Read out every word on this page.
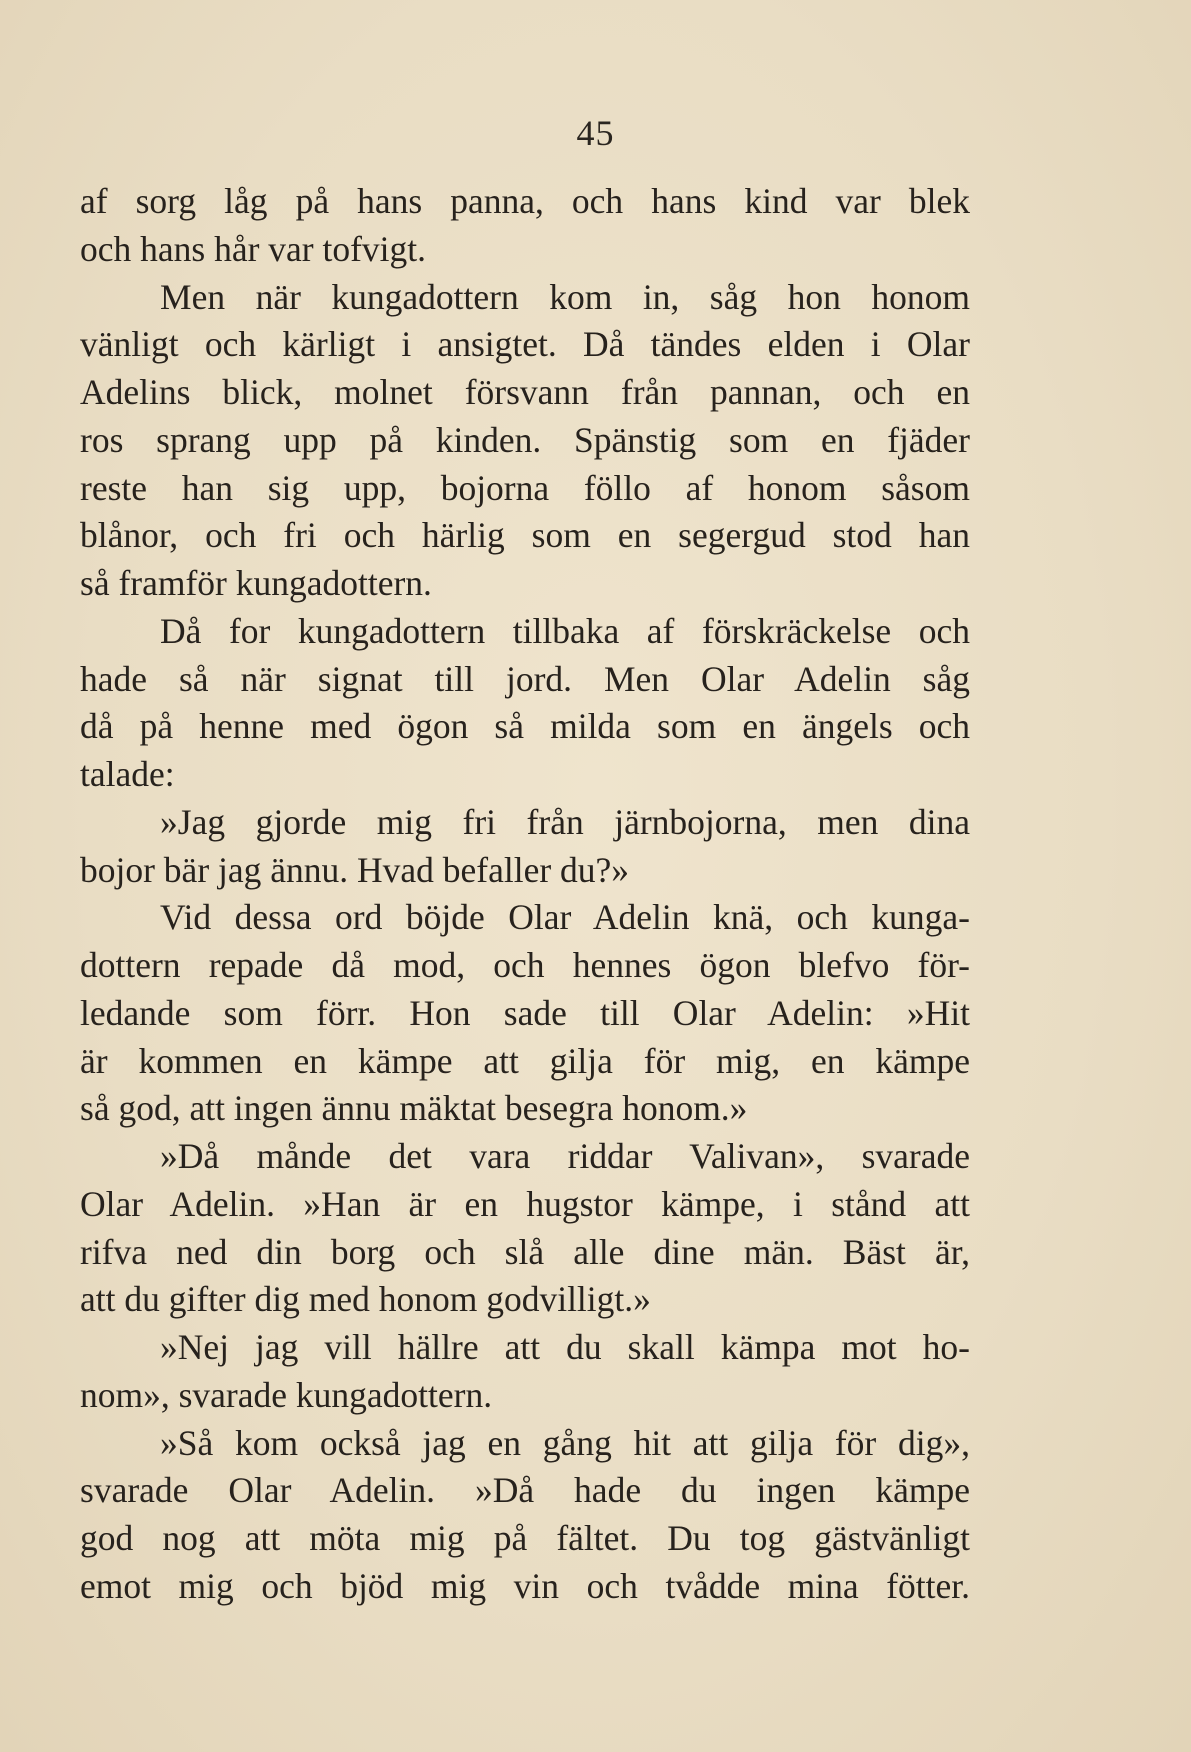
45
af sorg låg på hans panna, och hans kind var blek
och hans hår var tofvigt.
Men när kungadottern kom in, såg hon honom
vänligt och kärligt i ansigtet. Då tändes elden i Olar
Adelins blick, molnet försvann från pannan, och en
ros sprang upp på kinden. Spänstig som en fjäder
reste han sig upp, bojorna föllo af honom såsom
blånor, och fri och härlig som en segergud stod han
så framför kungadottern.
Då for kungadottern tillbaka af förskräckelse och
hade så när signat till jord. Men Olar Adelin såg
då på henne med ögon så milda som en ängels och
talade:
»Jag gjorde mig fri från järnbojorna, men dina
bojor bär jag ännu. Hvad befaller du?»
Vid dessa ord böjde Olar Adelin knä, och kunga-
dottern repade då mod, och hennes ögon blefvo för-
ledande som förr. Hon sade till Olar Adelin: »Hit
är kommen en kämpe att gilja för mig, en kämpe
så god, att ingen ännu mäktat besegra honom.»
»Då månde det vara riddar Valivan», svarade
Olar Adelin. »Han är en hugstor kämpe, i stånd att
rifva ned din borg och slå alle dine män. Bäst är,
att du gifter dig med honom godvilligt.»
»Nej jag vill hällre att du skall kämpa mot ho-
nom», svarade kungadottern.
»Så kom också jag en gång hit att gilja för dig»,
svarade Olar Adelin. »Då hade du ingen kämpe
god nog att möta mig på fältet. Du tog gästvänligt
emot mig och bjöd mig vin och tvådde mina fötter.
